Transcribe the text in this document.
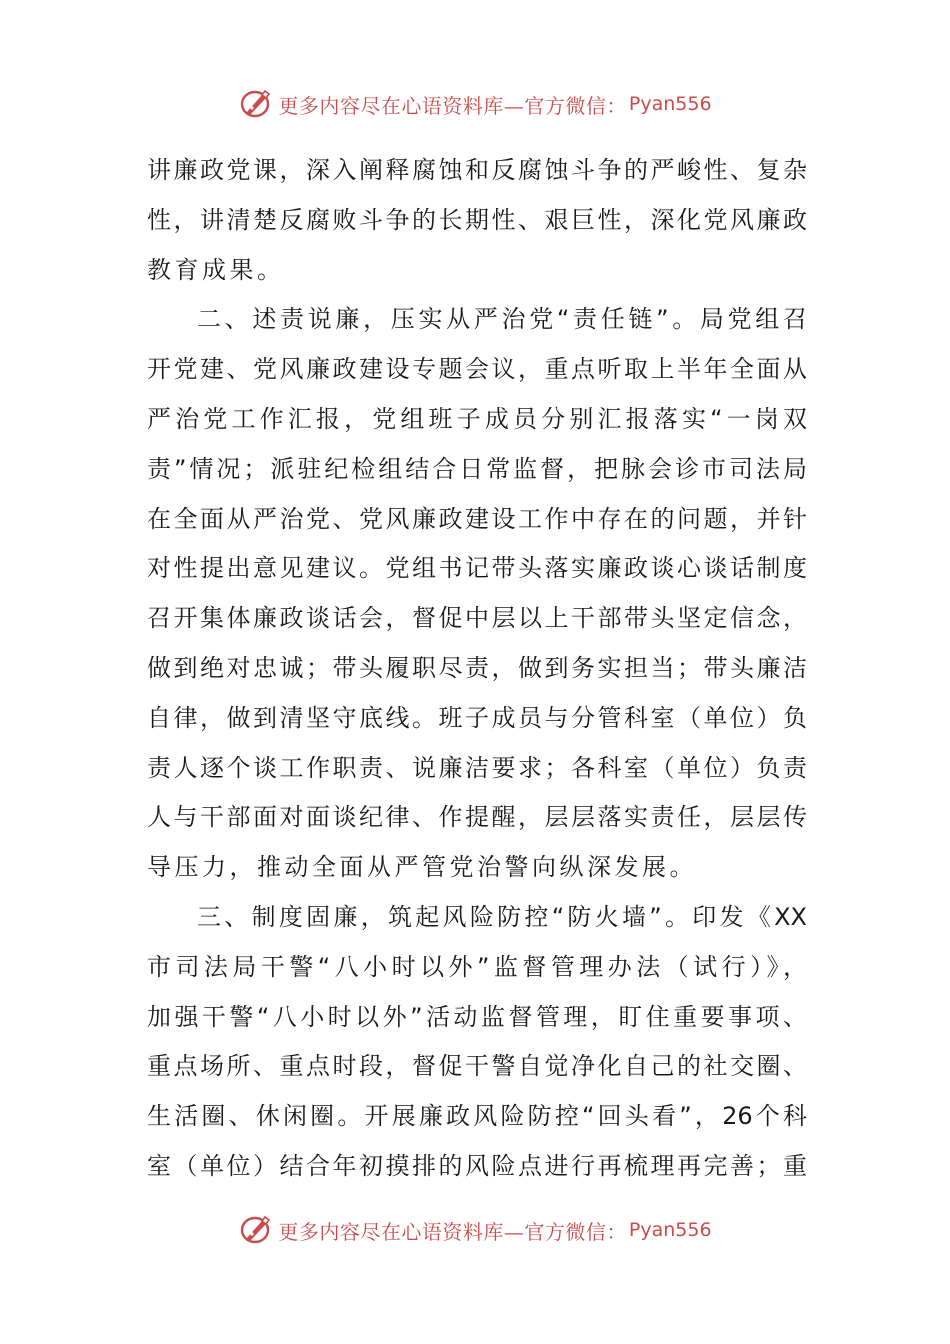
更多内容尽在心语资料库—官方微信： Pyan556
讲廉政党课，深入阐释腐蚀和反腐蚀斗争的严峻性、复杂
性，讲清楚反腐败斗争的长期性、艰巨性，深化党风廉政
教育成果。
二、述责说廉，压实从严治党“责任链”。局党组召
开党建、党风廉政建设专题会议，重点听取上半年全面从
严治党工作汇报，党组班子成员分别汇报落实“一岗双
责”情况；派驻纪检组结合日常监督，把脉会诊市司法局
在全面从严治党、党风廉政建设工作中存在的问题，并针
对性提出意见建议。党组书记带头落实廉政谈心谈话制度
召开集体廉政谈话会，督促中层以上干部带头坚定信念，
做到绝对忠诚；带头履职尽责，做到务实担当；带头廉洁
自律，做到清坚守底线。班子成员与分管科室（单位）负
责人逐个谈工作职责、说廉洁要求；各科室（单位）负责
人与干部面对面谈纪律、作提醒，层层落实责任，层层传
导压力，推动全面从严管党治警向纵深发展。
三、制度固廉，筑起风险防控“防火墙”。印发《XX
市司法局干警“八小时以外”监督管理办法（试行）》，
加强干警“八小时以外”活动监督管理，盯住重要事项、
重点场所、重点时段，督促干警自觉净化自己的社交圈、
生活圈、休闲圈。开展廉政风险防控“回头看”，26个科
室（单位）结合年初摸排的风险点进行再梳理再完善；重
更多内容尽在心语资料库—官方微信： Pyan556
